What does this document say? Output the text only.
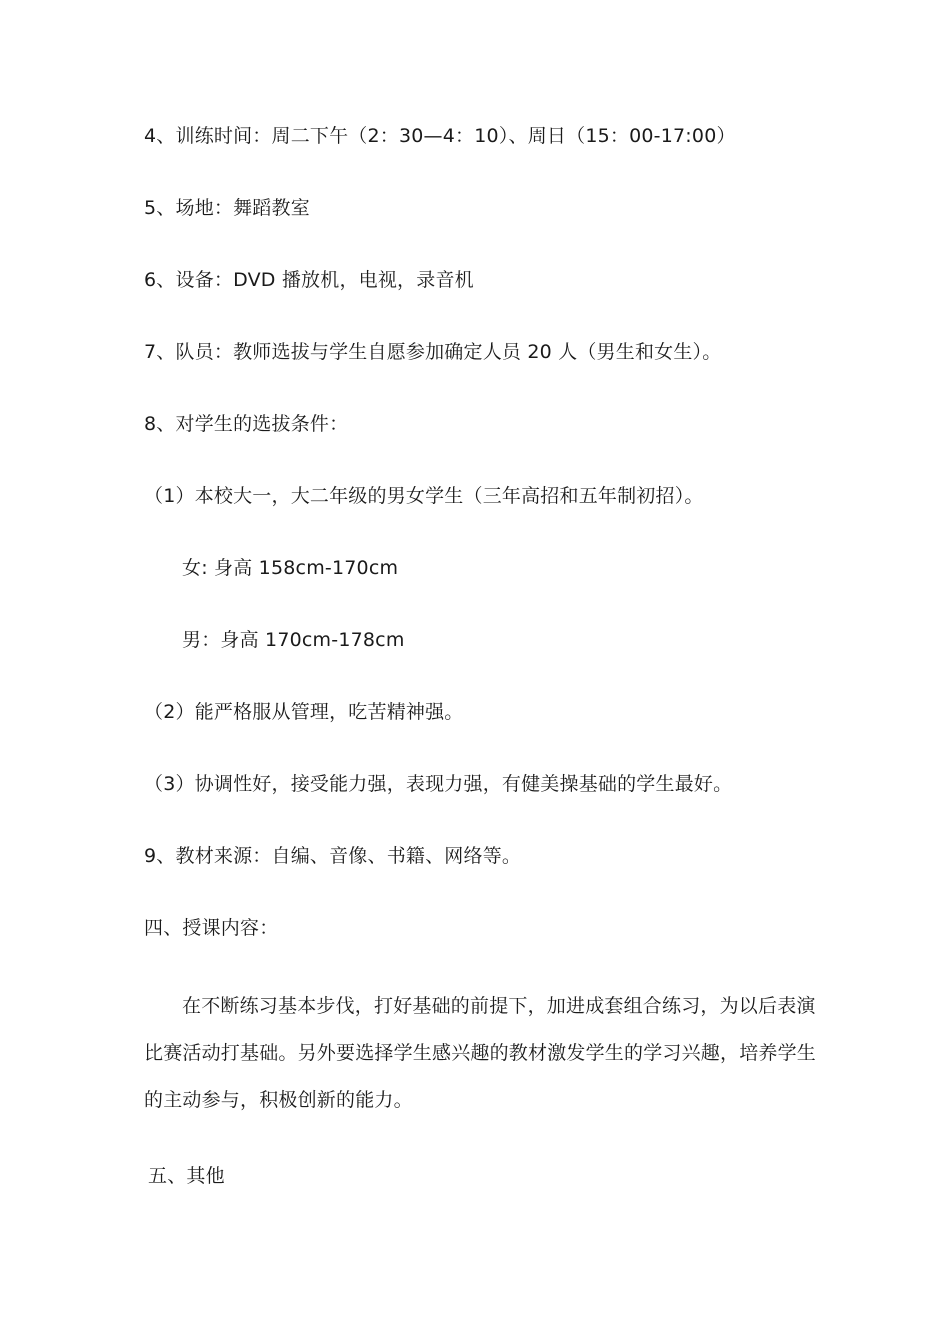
4、训练时间：周二下午（2：30—4：10）、周日（15：00-17:00）
5、场地：舞蹈教室
6、设备：DVD 播放机，电视，录音机
7、队员：教师选拔与学生自愿参加确定人员 20 人（男生和女生）。
8、对学生的选拔条件：
（1）本校大一，大二年级的男女学生（三年高招和五年制初招）。
女: 身高 158cm-170cm
男：身高 170cm-178cm
（2）能严格服从管理，吃苦精神强。
（3）协调性好，接受能力强，表现力强，有健美操基础的学生最好。
9、教材来源：自编、音像、书籍、网络等。
四、授课内容：
在不断练习基本步伐，打好基础的前提下，加进成套组合练习，为以后表演
比赛活动打基础。另外要选择学生感兴趣的教材激发学生的学习兴趣，培养学生
的主动参与，积极创新的能力。
五、其他
